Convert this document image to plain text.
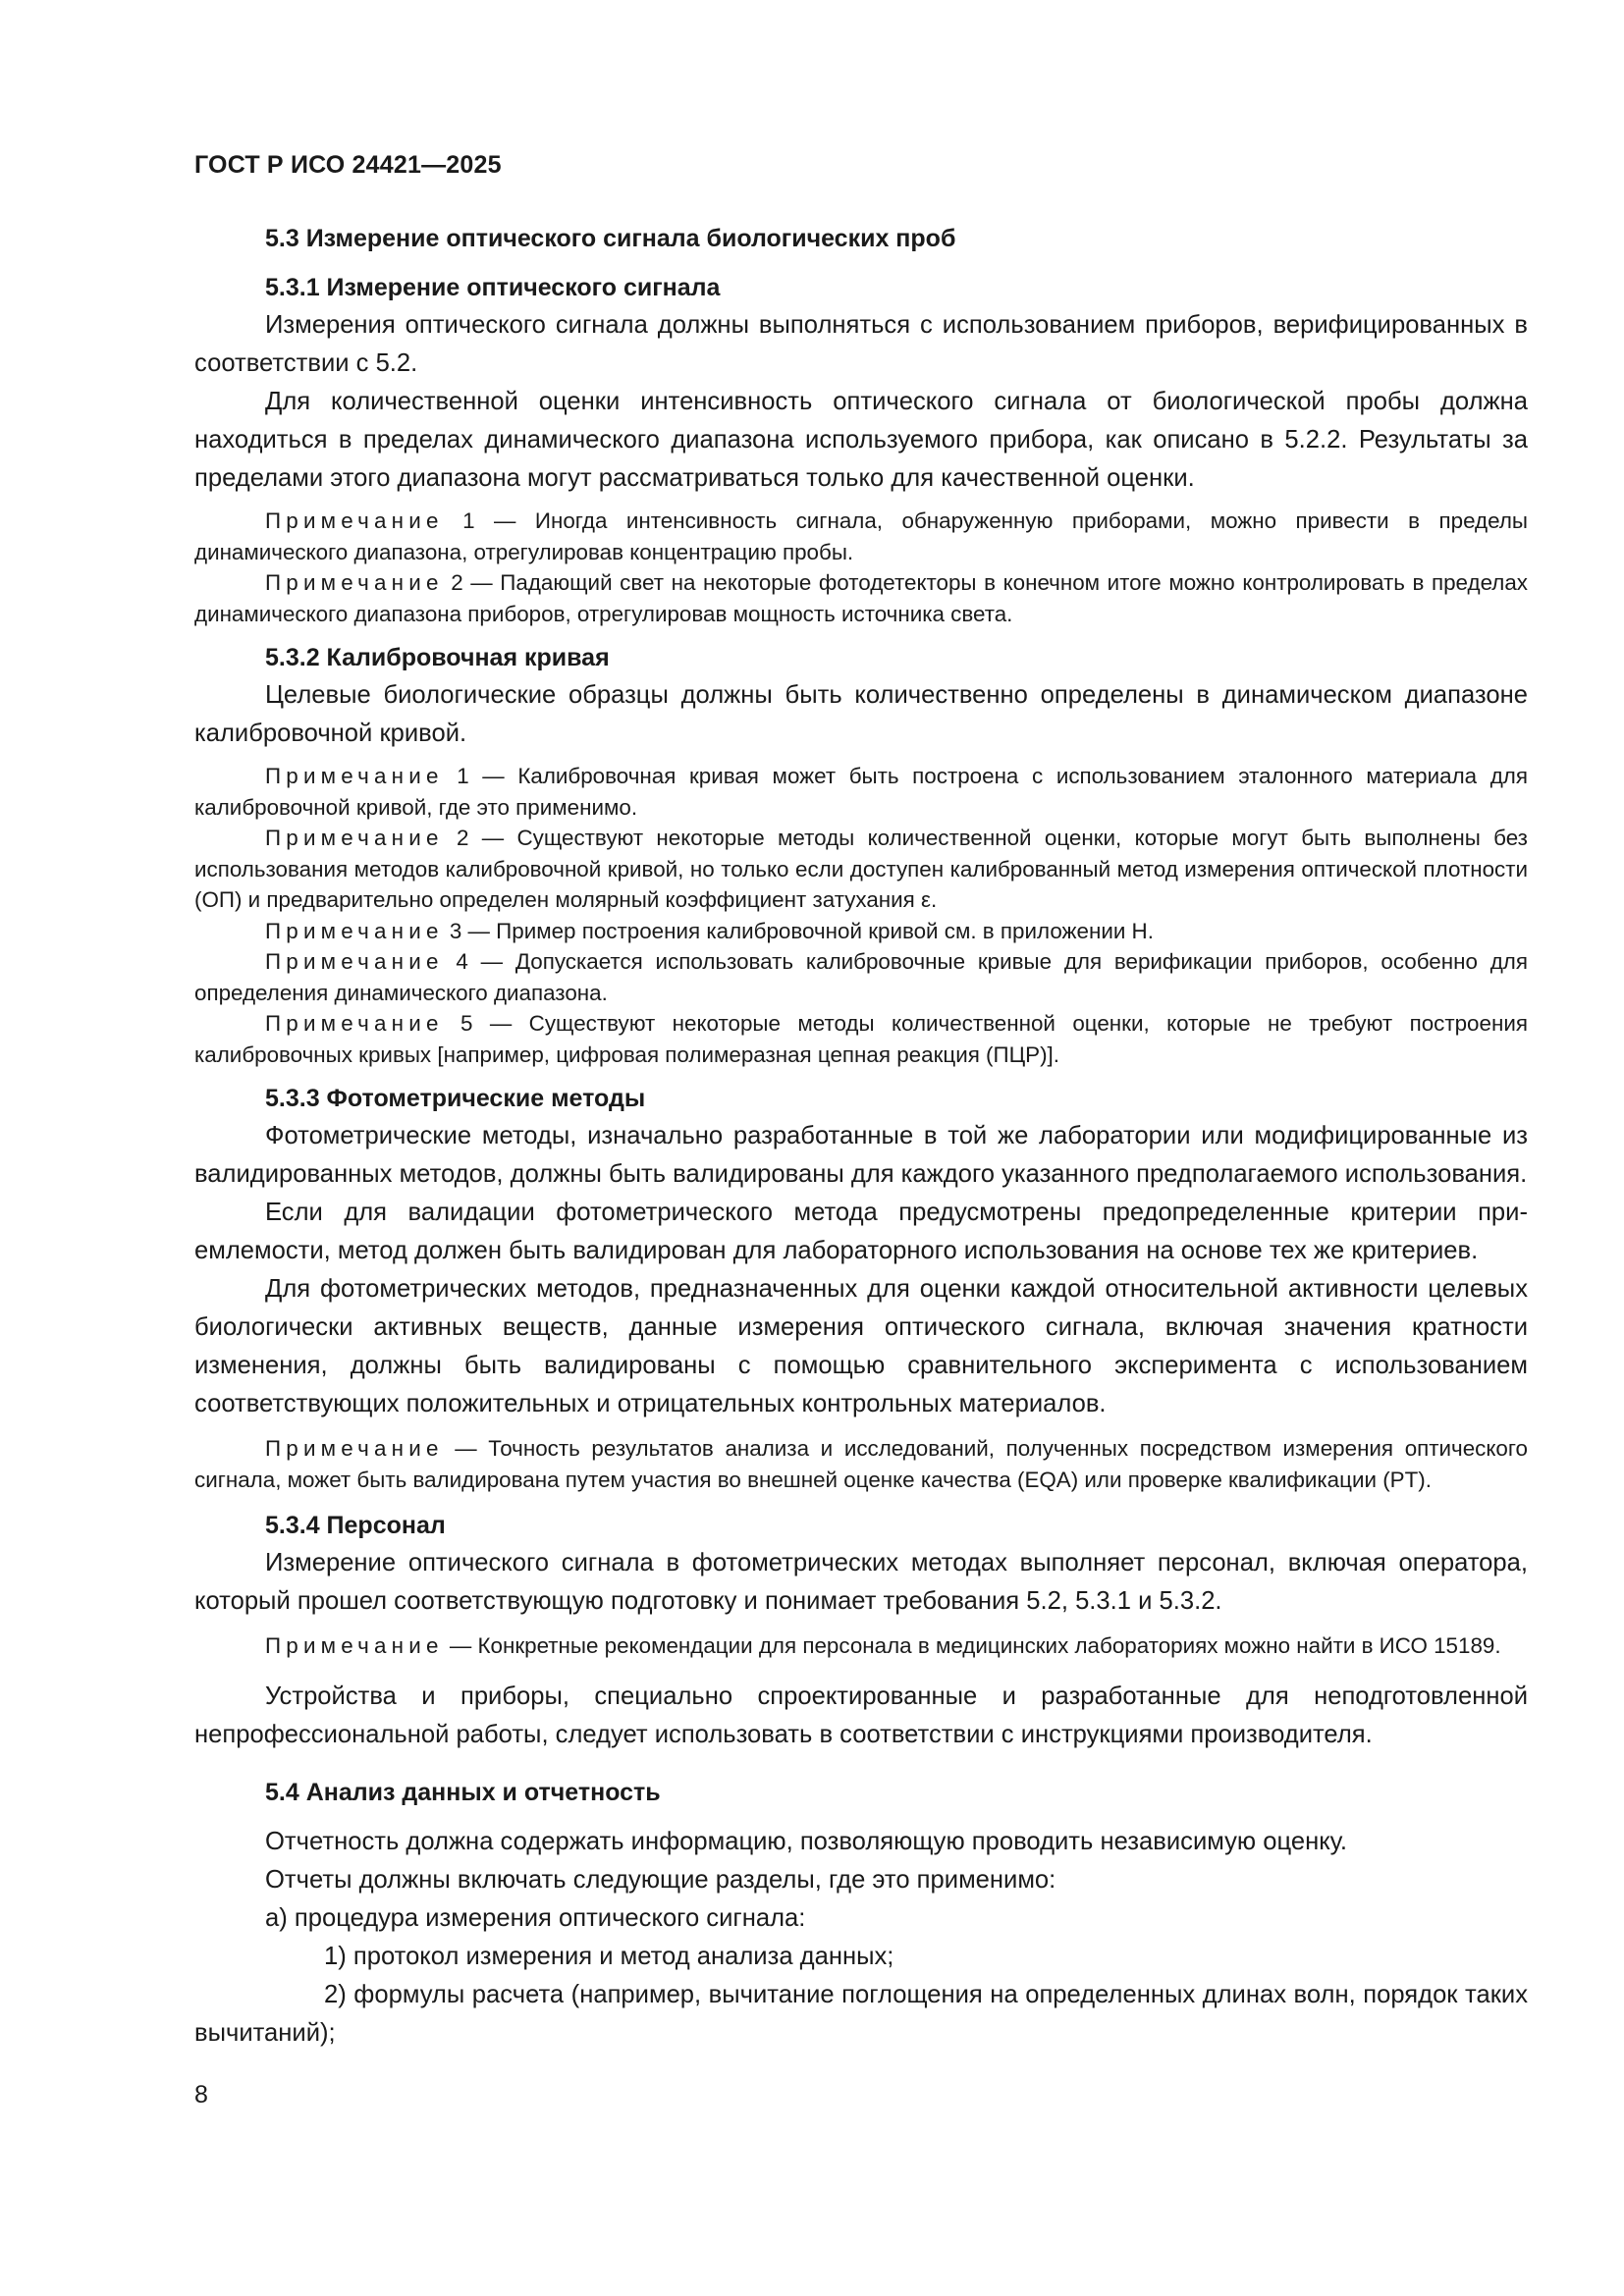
ГОСТ Р ИСО 24421—2025

5.3 Измерение оптического сигнала биологических проб

5.3.1 Измерение оптического сигнала

Измерения оптического сигнала должны выполняться с использованием приборов, верифицированных в соответствии с 5.2.

Для количественной оценки интенсивность оптического сигнала от биологической пробы должна находиться в пределах динамического диапазона используемого прибора, как описано в 5.2.2. Результаты за пределами этого диапазона могут рассматриваться только для качественной оценки.

Примечание 1 — Иногда интенсивность сигнала, обнаруженную приборами, можно привести в пределы динамического диапазона, отрегулировав концентрацию пробы.

Примечание 2 — Падающий свет на некоторые фотодетекторы в конечном итоге можно контролировать в пределах динамического диапазона приборов, отрегулировав мощность источника света.

5.3.2 Калибровочная кривая

Целевые биологические образцы должны быть количественно определены в динамическом диапазоне калибровочной кривой.

Примечание 1 — Калибровочная кривая может быть построена с использованием эталонного материала для калибровочной кривой, где это применимо.

Примечание 2 — Существуют некоторые методы количественной оценки, которые могут быть выполнены без использования методов калибровочной кривой, но только если доступен калиброванный метод измерения оптической плотности (ОП) и предварительно определен молярный коэффициент затухания ε.

Примечание 3 — Пример построения калибровочной кривой см. в приложении Н.

Примечание 4 — Допускается использовать калибровочные кривые для верификации приборов, особенно для определения динамического диапазона.

Примечание 5 — Существуют некоторые методы количественной оценки, которые не требуют построения калибровочных кривых [например, цифровая полимеразная цепная реакция (ПЦР)].

5.3.3 Фотометрические методы

Фотометрические методы, изначально разработанные в той же лаборатории или модифицированные из валидированных методов, должны быть валидированы для каждого указанного предполагаемого использования.

Если для валидации фотометрического метода предусмотрены предопределенные критерии приемлемости, метод должен быть валидирован для лабораторного использования на основе тех же критериев.

Для фотометрических методов, предназначенных для оценки каждой относительной активности целевых биологически активных веществ, данные измерения оптического сигнала, включая значения кратности изменения, должны быть валидированы с помощью сравнительного эксперимента с использованием соответствующих положительных и отрицательных контрольных материалов.

Примечание — Точность результатов анализа и исследований, полученных посредством измерения оптического сигнала, может быть валидирована путем участия во внешней оценке качества (EQA) или проверке квалификации (PT).

5.3.4 Персонал

Измерение оптического сигнала в фотометрических методах выполняет персонал, включая оператора, который прошел соответствующую подготовку и понимает требования 5.2, 5.3.1 и 5.3.2.

Примечание — Конкретные рекомендации для персонала в медицинских лабораториях можно найти в ИСО 15189.

Устройства и приборы, специально спроектированные и разработанные для неподготовленной непрофессиональной работы, следует использовать в соответствии с инструкциями производителя.

5.4 Анализ данных и отчетность

Отчетность должна содержать информацию, позволяющую проводить независимую оценку.

Отчеты должны включать следующие разделы, где это применимо:

а) процедура измерения оптического сигнала:

1) протокол измерения и метод анализа данных;

2) формулы расчета (например, вычитание поглощения на определенных длинах волн, порядок таких вычитаний);

8
